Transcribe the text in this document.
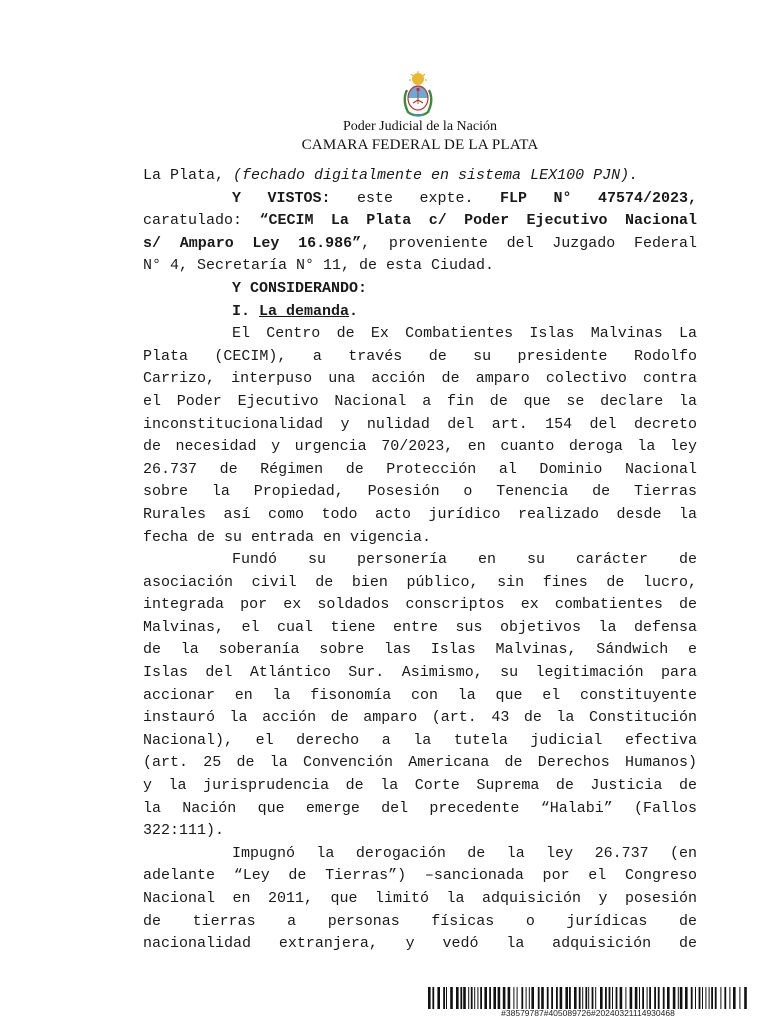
Poder Judicial de la Nación
CAMARA FEDERAL DE LA PLATA

La Plata, (fechado digitalmente en sistema LEX100 PJN).

Y VISTOS: este expte. FLP N° 47574/2023,

caratulado: “CECIM La Plata c/ Poder Ejecutivo Nacional

s/ Amparo Ley 16.986”, proveniente del Juzgado Federal

N° 4, Secretaría N° 11, de esta Ciudad.

Y CONSIDERANDO:

I. La demanda.

El Centro de Ex Combatientes Islas Malvinas La

Plata (CECIM), a través de su presidente Rodolfo

Carrizo, interpuso una acción de amparo colectivo contra

el Poder Ejecutivo Nacional a fin de que se declare la

inconstitucionalidad y nulidad del art. 154 del decreto

de necesidad y urgencia 70/2023, en cuanto deroga la ley

26.737 de Régimen de Protección al Dominio Nacional

sobre la Propiedad, Posesión o Tenencia de Tierras

Rurales así como todo acto jurídico realizado desde la

fecha de su entrada en vigencia.

Fundó su personería en su carácter de

asociación civil de bien público, sin fines de lucro,

integrada por ex soldados conscriptos ex combatientes de

Malvinas, el cual tiene entre sus objetivos la defensa

de la soberanía sobre las Islas Malvinas, Sándwich e

Islas del Atlántico Sur. Asimismo, su legitimación para

accionar en la fisonomía con la que el constituyente

instauró la acción de amparo (art. 43 de la Constitución

Nacional), el derecho a la tutela judicial efectiva

(art. 25 de la Convención Americana de Derechos Humanos)

y la jurisprudencia de la Corte Suprema de Justicia de

la Nación que emerge del precedente “Halabi” (Fallos

322:111).

Impugnó la derogación de la ley 26.737 (en

adelante “Ley de Tierras”) –sancionada por el Congreso

Nacional en 2011, que limitó la adquisición y posesión

de tierras a personas físicas o jurídicas de

nacionalidad extranjera, y vedó la adquisición de

#38579787#405089726#20240321114930468
